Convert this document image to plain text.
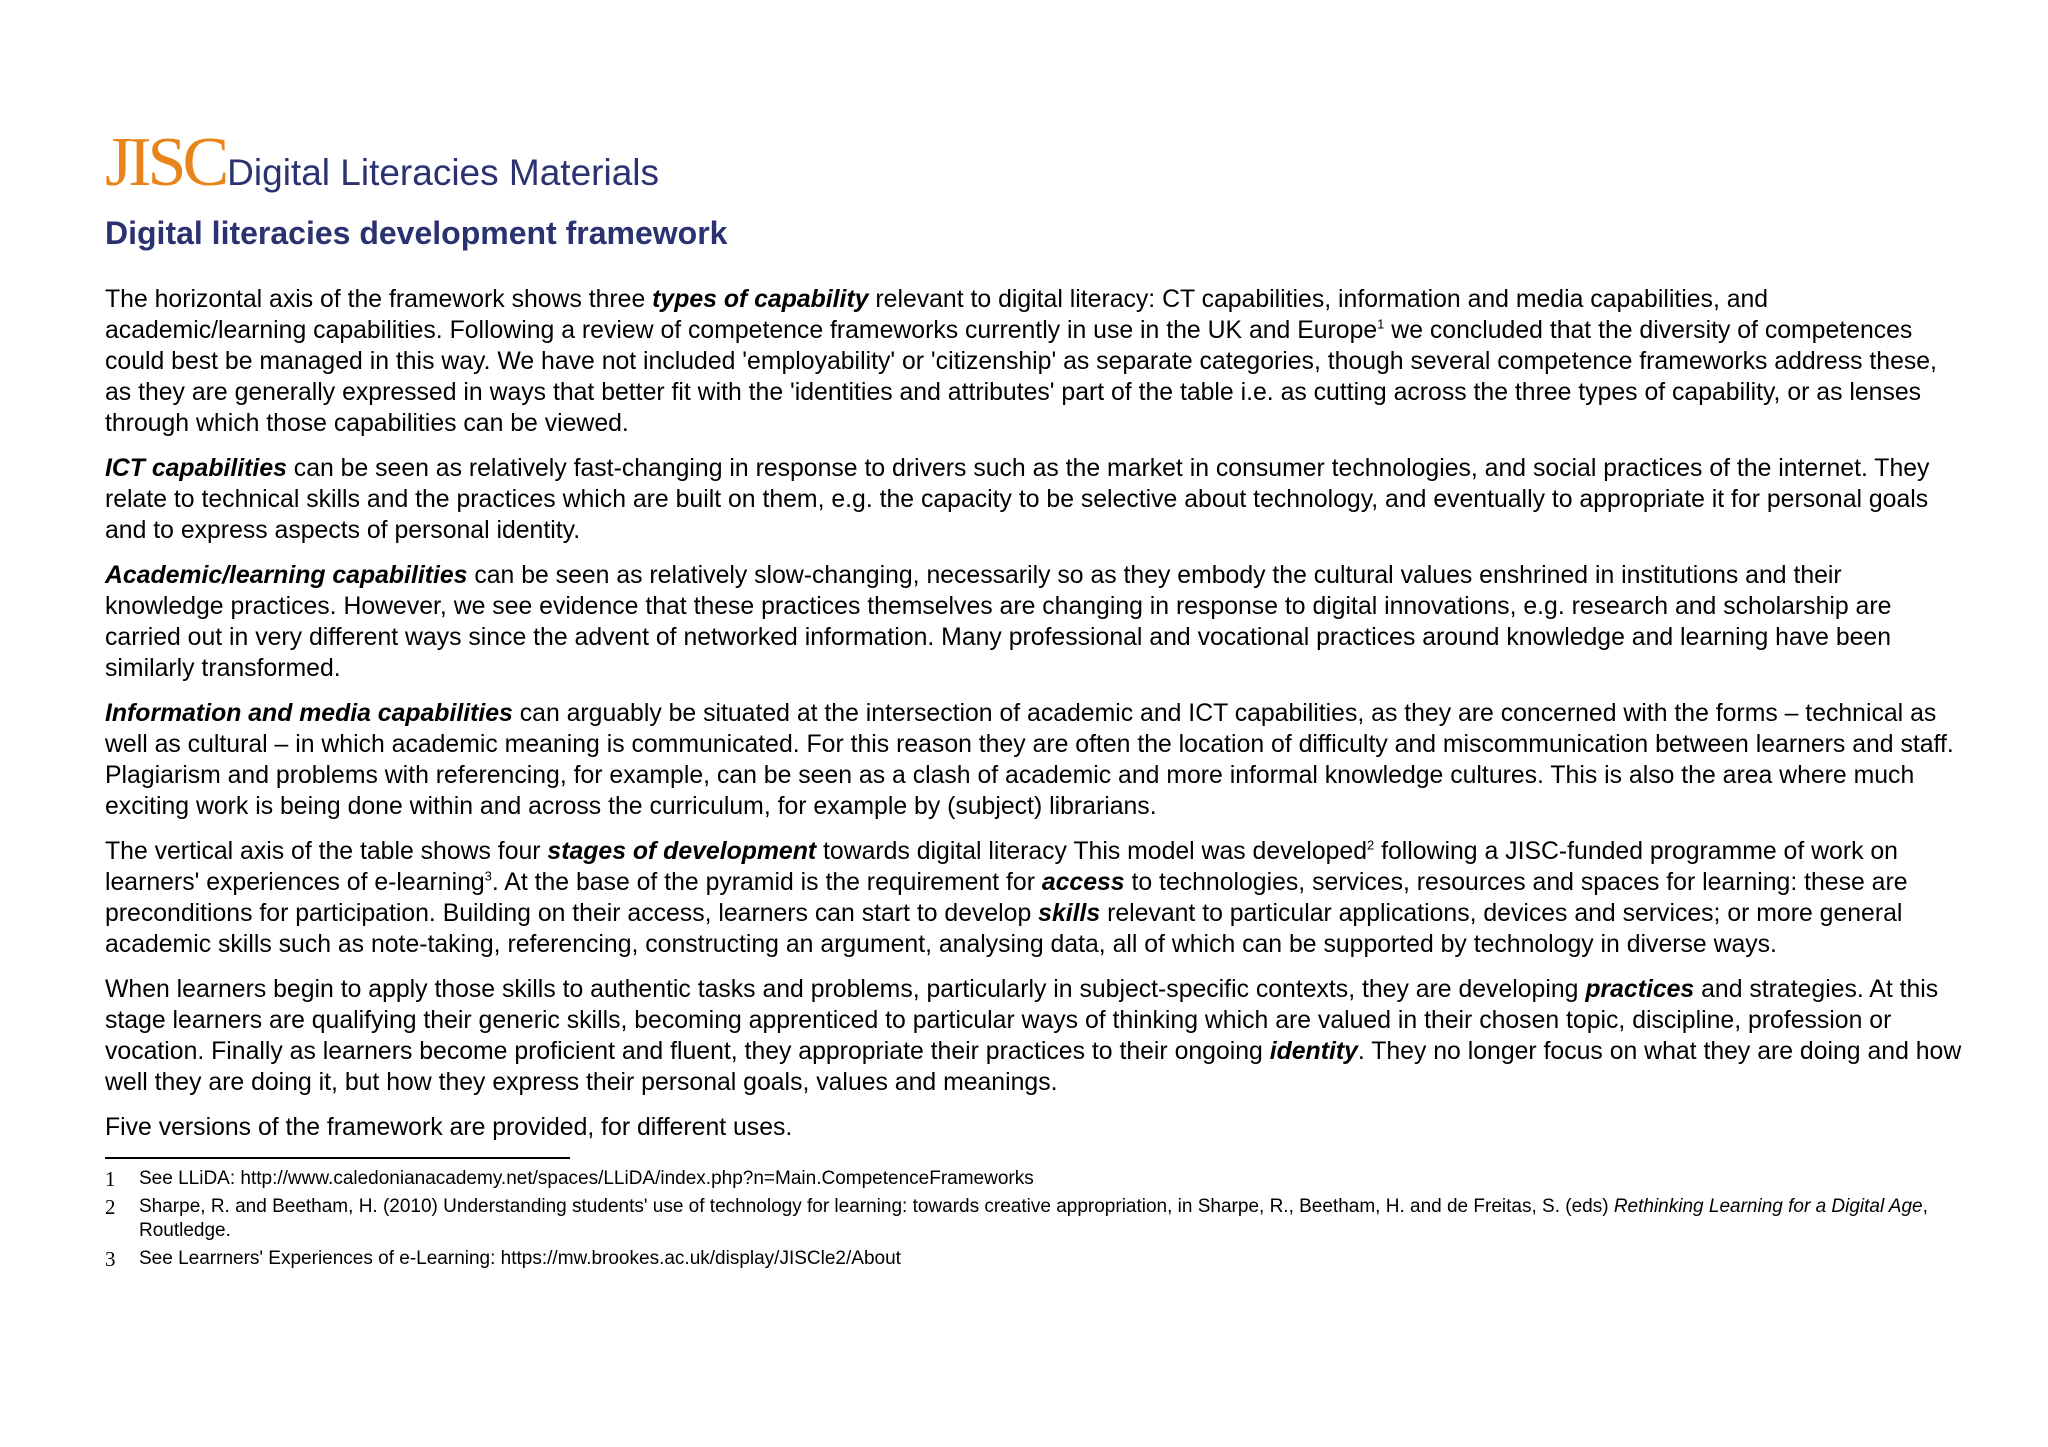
JISC Digital Literacies Materials
Digital literacies development framework

The horizontal axis of the framework shows three types of capability relevant to digital literacy: CT capabilities, information and media capabilities, and academic/learning capabilities. Following a review of competence frameworks currently in use in the UK and Europe$^1$ we concluded that the diversity of competences could best be managed in this way. We have not included 'employability' or 'citizenship' as separate categories, though several competence frameworks address these, as they are generally expressed in ways that better fit with the 'identities and attributes' part of the table i.e. as cutting across the three types of capability, or as lenses through which those capabilities can be viewed.

ICT capabilities can be seen as relatively fast-changing in response to drivers such as the market in consumer technologies, and social practices of the internet. They relate to technical skills and the practices which are built on them, e.g. the capacity to be selective about technology, and eventually to appropriate it for personal goals and to express aspects of personal identity.

Academic/learning capabilities can be seen as relatively slow-changing, necessarily so as they embody the cultural values enshrined in institutions and their knowledge practices. However, we see evidence that these practices themselves are changing in response to digital innovations, e.g. research and scholarship are carried out in very different ways since the advent of networked information. Many professional and vocational practices around knowledge and learning have been similarly transformed.

Information and media capabilities can arguably be situated at the intersection of academic and ICT capabilities, as they are concerned with the forms – technical as well as cultural – in which academic meaning is communicated. For this reason they are often the location of difficulty and miscommunication between learners and staff. Plagiarism and problems with referencing, for example, can be seen as a clash of academic and more informal knowledge cultures. This is also the area where much exciting work is being done within and across the curriculum, for example by (subject) librarians.

The vertical axis of the table shows four stages of development towards digital literacy This model was developed$^2$ following a JISC-funded programme of work on learners' experiences of e-learning$^3$. At the base of the pyramid is the requirement for access to technologies, services, resources and spaces for learning: these are preconditions for participation. Building on their access, learners can start to develop skills relevant to particular applications, devices and services; or more general academic skills such as note-taking, referencing, constructing an argument, analysing data, all of which can be supported by technology in diverse ways.

When learners begin to apply those skills to authentic tasks and problems, particularly in subject-specific contexts, they are developing practices and strategies. At this stage learners are qualifying their generic skills, becoming apprenticed to particular ways of thinking which are valued in their chosen topic, discipline, profession or vocation. Finally as learners become proficient and fluent, they appropriate their practices to their ongoing identity. They no longer focus on what they are doing and how well they are doing it, but how they express their personal goals, values and meanings.

Five versions of the framework are provided, for different uses.

1	See LLiDA: http://www.caledonianacademy.net/spaces/LLiDA/index.php?n=Main.CompetenceFrameworks
2	Sharpe, R. and Beetham, H. (2010) Understanding students' use of technology for learning: towards creative appropriation, in Sharpe, R., Beetham, H. and de Freitas, S. (eds) Rethinking Learning for a Digital Age, Routledge.
3	See Learrners' Experiences of e-Learning: https://mw.brookes.ac.uk/display/JISCle2/About
